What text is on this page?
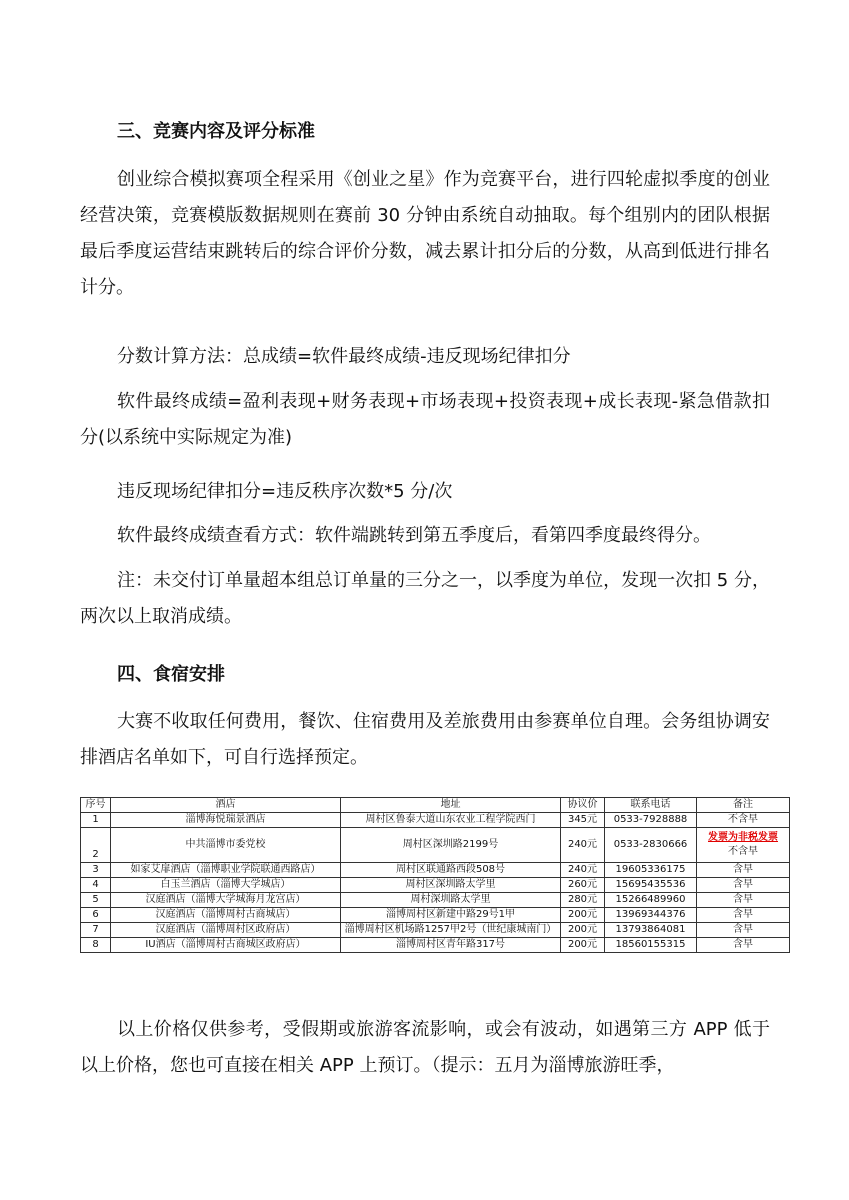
三、竞赛内容及评分标准
创业综合模拟赛项全程采用《创业之星》作为竞赛平台，进行四轮虚拟季度的创业经营决策，竞赛模版数据规则在赛前 30 分钟由系统自动抽取。每个组别内的团队根据最后季度运营结束跳转后的综合评价分数，减去累计扣分后的分数，从高到低进行排名计分。
分数计算方法：总成绩=软件最终成绩-违反现场纪律扣分
软件最终成绩=盈利表现+财务表现+市场表现+投资表现+成长表现-紧急借款扣分(以系统中实际规定为准)
违反现场纪律扣分=违反秩序次数*5 分/次
软件最终成绩查看方式：软件端跳转到第五季度后，看第四季度最终得分。
注：未交付订单量超本组总订单量的三分之一，以季度为单位，发现一次扣 5 分，两次以上取消成绩。
四、食宿安排
大赛不收取任何费用，餐饮、住宿费用及差旅费用由参赛单位自理。会务组协调安排酒店名单如下，可自行选择预定。
序号	酒店	地址	协议价	联系电话	备注
1	淄博海悦瑞景酒店	周村区鲁泰大道山东农业工程学院西门	345元	0533-7928888	不含早
2	中共淄博市委党校	周村区深圳路2199号	240元	0533-2830666	发票为非税发票
不含早

3	如家艾扉酒店（淄博职业学院联通西路店）	周村区联通路西段508号	240元	19605336175	含早
4	白玉兰酒店（淄博大学城店）	周村区深圳路太学里	260元	15695435536	含早
5	汉庭酒店（淄博大学城海月龙宫店）	周村深圳路太学里	280元	15266489960	含早
6	汉庭酒店（淄博周村古商城店）	淄博周村区新建中路29号1甲	200元	13969344376	含早
7	汉庭酒店（淄博周村区政府店）	淄博周村区机场路1257甲2号（世纪康城南门）	200元	13793864081	含早
8	IU酒店（淄博周村古商城区政府店）	淄博周村区青年路317号	200元	18560155315	含早
以上价格仅供参考，受假期或旅游客流影响，或会有波动，如遇第三方 APP 低于以上价格，您也可直接在相关 APP 上预订。（提示：五月为淄博旅游旺季，
